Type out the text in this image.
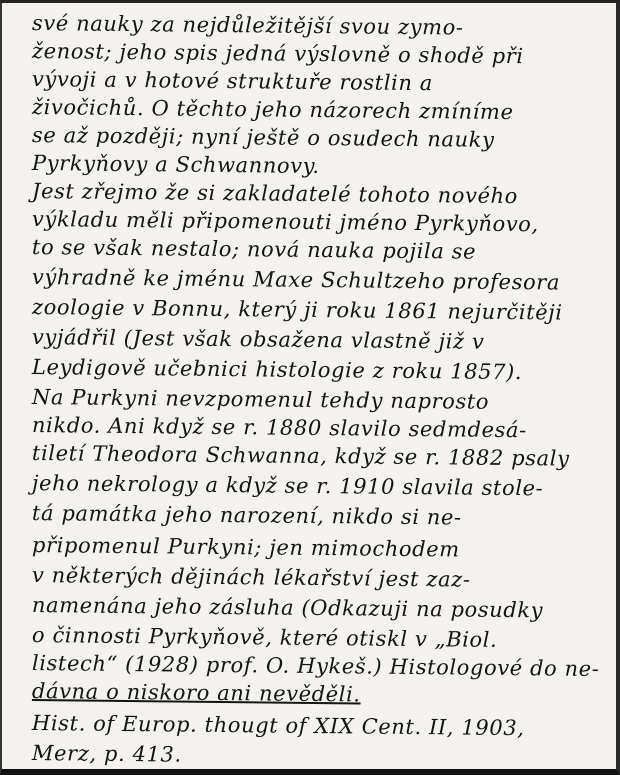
své nauky za nejdůležitější svou zymo-
ženost; jeho spis jedná výslovně o shodě při
vývoji a v hotové struktuře rostlin a
živočichů. O těchto jeho názorech zmíníme
se až později; nyní ještě o osudech nauky
Pyrkyňovy a Schwannovy.
Jest zřejmo že si zakladatelé tohoto nového
výkladu měli připomenouti jméno Pyrkyňovo,
to se však nestalo; nová nauka pojila se
výhradně ke jménu Maxe Schultzeho profesora
zoologie v Bonnu, který ji roku 1861 nejurčitěji
vyjádřil (Jest však obsažena vlastně již v
Leydigově učebnici histologie z roku 1857).
Na Purkyni nevzpomenul tehdy naprosto
nikdo. Ani když se r. 1880 slavilo sedmdesá-
tiletí Theodora Schwanna, když se r. 1882 psaly
jeho nekrology a když se r. 1910 slavila stole-
tá památka jeho narození, nikdo si ne-
připomenul Purkyni; jen mimochodem
v některých dějinách lékařství jest zaz-
namenána jeho zásluha (Odkazuji na posudky
o činnosti Pyrkyňově, které otiskl v „Biol.
listech“ (1928) prof. O. Hykeš.) Histologové do ne-
dávna o niskoro ani nevěděli.
Hist. of Europ. thougt of XIX Cent. II, 1903,
Merz, p. 413.
